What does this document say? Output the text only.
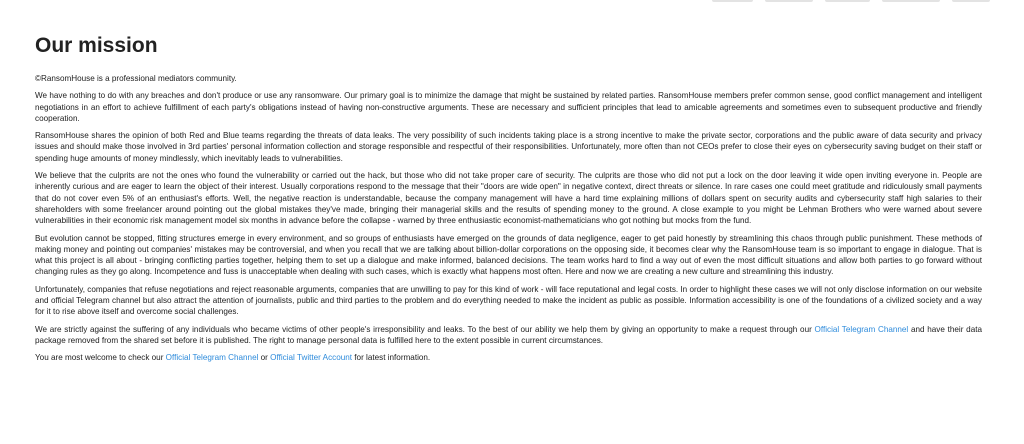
Our mission

©RansomHouse is a professional mediators community.

We have nothing to do with any breaches and don't produce or use any ransomware. Our primary goal is to minimize the damage that might be sustained by related parties. RansomHouse members prefer common sense, good conflict management and intelligent negotiations in an effort to achieve fulfillment of each party's obligations instead of having non-constructive arguments. These are necessary and sufficient principles that lead to amicable agreements and sometimes even to subsequent productive and friendly cooperation.

RansomHouse shares the opinion of both Red and Blue teams regarding the threats of data leaks. The very possibility of such incidents taking place is a strong incentive to make the private sector, corporations and the public aware of data security and privacy issues and should make those involved in 3rd parties' personal information collection and storage responsible and respectful of their responsibilities. Unfortunately, more often than not CEOs prefer to close their eyes on cybersecurity saving budget on their staff or spending huge amounts of money mindlessly, which inevitably leads to vulnerabilities.

We believe that the culprits are not the ones who found the vulnerability or carried out the hack, but those who did not take proper care of security. The culprits are those who did not put a lock on the door leaving it wide open inviting everyone in. People are inherently curious and are eager to learn the object of their interest. Usually corporations respond to the message that their "doors are wide open" in negative context, direct threats or silence. In rare cases one could meet gratitude and ridiculously small payments that do not cover even 5% of an enthusiast's efforts. Well, the negative reaction is understandable, because the company management will have a hard time explaining millions of dollars spent on security audits and cybersecurity staff high salaries to their shareholders with some freelancer around pointing out the global mistakes they've made, bringing their managerial skills and the results of spending money to the ground. A close example to you might be Lehman Brothers who were warned about severe vulnerabilities in their economic risk management model six months in advance before the collapse - warned by three enthusiastic economist-mathematicians who got nothing but mocks from the fund.

But evolution cannot be stopped, fitting structures emerge in every environment, and so groups of enthusiasts have emerged on the grounds of data negligence, eager to get paid honestly by streamlining this chaos through public punishment. These methods of making money and pointing out companies' mistakes may be controversial, and when you recall that we are talking about billion-dollar corporations on the opposing side, it becomes clear why the RansomHouse team is so important to engage in dialogue. That is what this project is all about - bringing conflicting parties together, helping them to set up a dialogue and make informed, balanced decisions. The team works hard to find a way out of even the most difficult situations and allow both parties to go forward without changing rules as they go along. Incompetence and fuss is unacceptable when dealing with such cases, which is exactly what happens most often. Here and now we are creating a new culture and streamlining this industry.

Unfortunately, companies that refuse negotiations and reject reasonable arguments, companies that are unwilling to pay for this kind of work - will face reputational and legal costs. In order to highlight these cases we will not only disclose information on our website and official Telegram channel but also attract the attention of journalists, public and third parties to the problem and do everything needed to make the incident as public as possible. Information accessibility is one of the foundations of a civilized society and a way for it to rise above itself and overcome social challenges.

We are strictly against the suffering of any individuals who became victims of other people's irresponsibility and leaks. To the best of our ability we help them by giving an opportunity to make a request through our Official Telegram Channel and have their data package removed from the shared set before it is published. The right to manage personal data is fulfilled here to the extent possible in current circumstances.

You are most welcome to check our Official Telegram Channel or Official Twitter Account for latest information.
